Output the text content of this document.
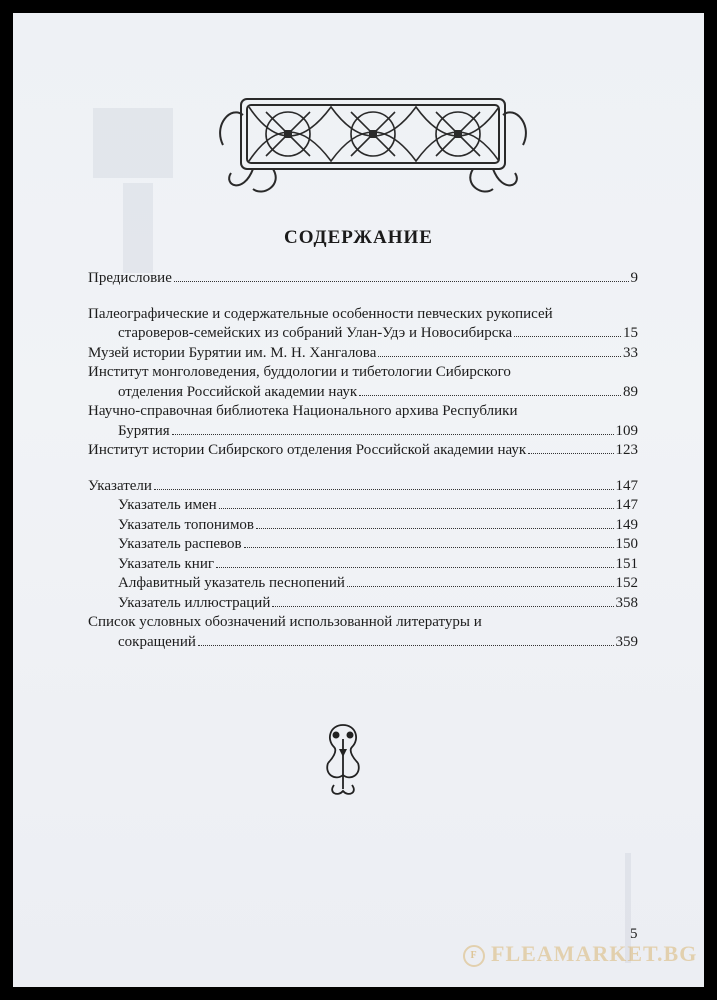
СОДЕРЖАНИЕ
Предисловие	9
Палеографические и содержательные особенности певческих рукописей
староверов-семейских из собраний Улан-Удэ и Новосибирска	15
Музей истории Бурятии им. М. Н. Хангалова	33
Институт монголоведения, буддологии и тибетологии Сибирского
отделения Российской академии наук	89
Научно-справочная библиотека Национального архива Республики
Бурятия	109
Институт истории Сибирского отделения Российской академии наук	123
Указатели	147
Указатель имен	147
Указатель топонимов	149
Указатель распевов	150
Указатель книг	151
Алфавитный указатель песнопений	152
Указатель иллюстраций	358
Список условных обозначений использованной литературы и
сокращений	359
5
F FLEAMARKET.BG
